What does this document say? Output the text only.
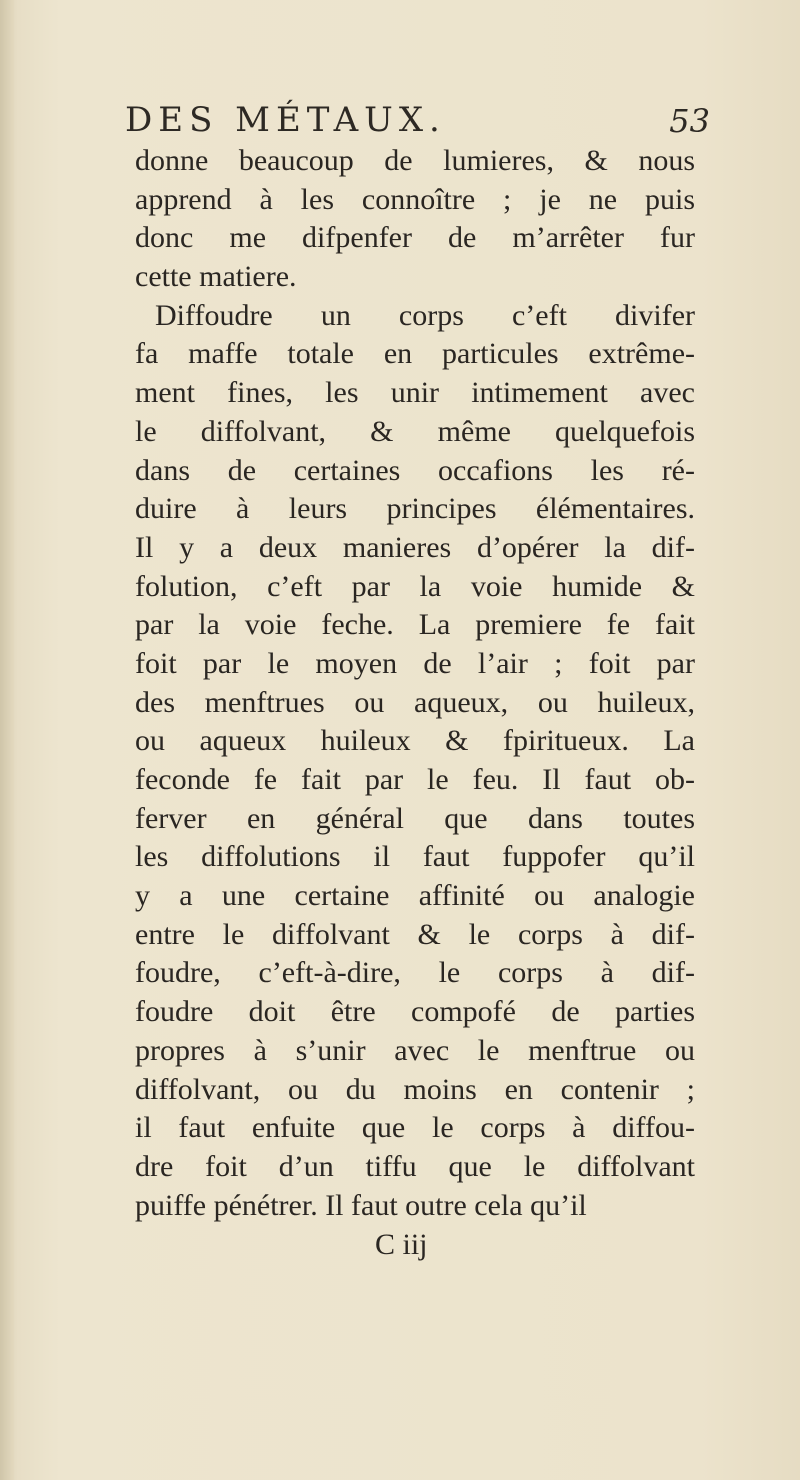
DES MÉTAUX.	53
donne beaucoup de lumieres, & nous
apprend à les connoître ; je ne puis
donc me difpenfer de m’arrêter fur
cette matiere.
Diffoudre un corps c’eft divifer
fa maffe totale en particules extrême-
ment fines, les unir intimement avec
le diffolvant, & même quelquefois
dans de certaines occafions les ré-
duire à leurs principes élémentaires.
Il y a deux manieres d’opérer la dif-
folution, c’eft par la voie humide &
par la voie feche. La premiere fe fait
foit par le moyen de l’air ; foit par
des menftrues ou aqueux, ou huileux,
ou aqueux huileux & fpiritueux. La
feconde fe fait par le feu. Il faut ob-
ferver en général que dans toutes
les diffolutions il faut fuppofer qu’il
y a une certaine affinité ou analogie
entre le diffolvant & le corps à dif-
foudre, c’eft-à-dire, le corps à dif-
foudre doit être compofé de parties
propres à s’unir avec le menftrue ou
diffolvant, ou du moins en contenir ;
il faut enfuite que le corps à diffou-
dre foit d’un tiffu que le diffolvant
puiffe pénétrer. Il faut outre cela qu’il
C iij
